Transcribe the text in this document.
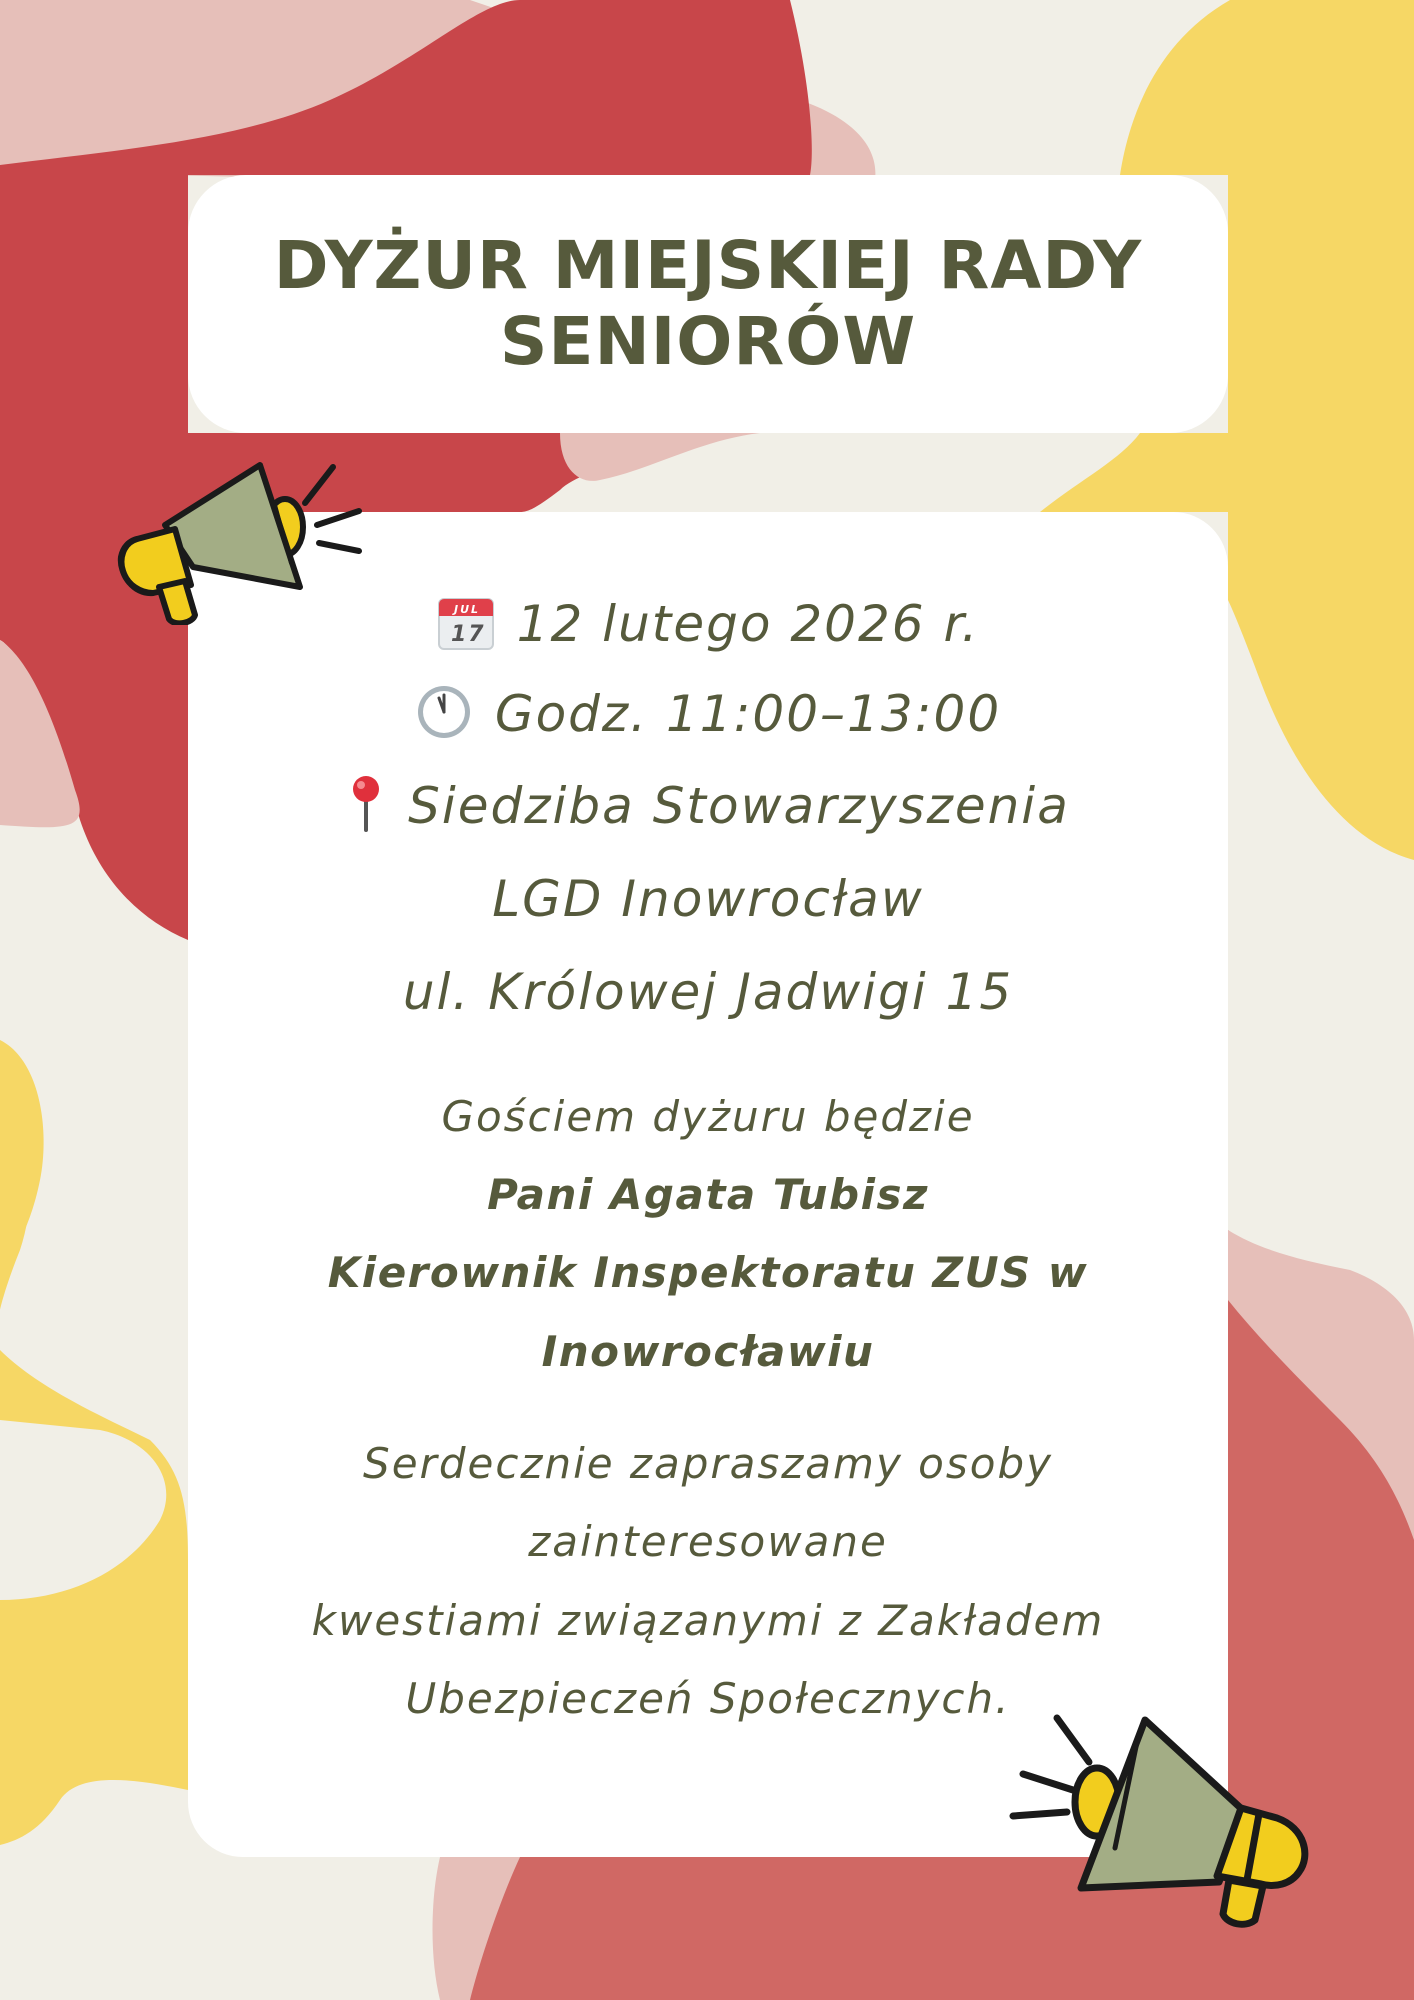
DYŻUR MIEJSKIEJ RADY
SENIORÓW
JUL
17 12 lutego 2026 r.
Godz. 11:00–13:00
Siedziba Stowarzyszenia
LGD Inowrocław
ul. Królowej Jadwigi 15
Gościem dyżuru będzie
Pani Agata Tubisz
Kierownik Inspektoratu ZUS w
Inowrocławiu
Serdecznie zapraszamy osoby
zainteresowane
kwestiami związanymi z Zakładem
Ubezpieczeń Społecznych.
